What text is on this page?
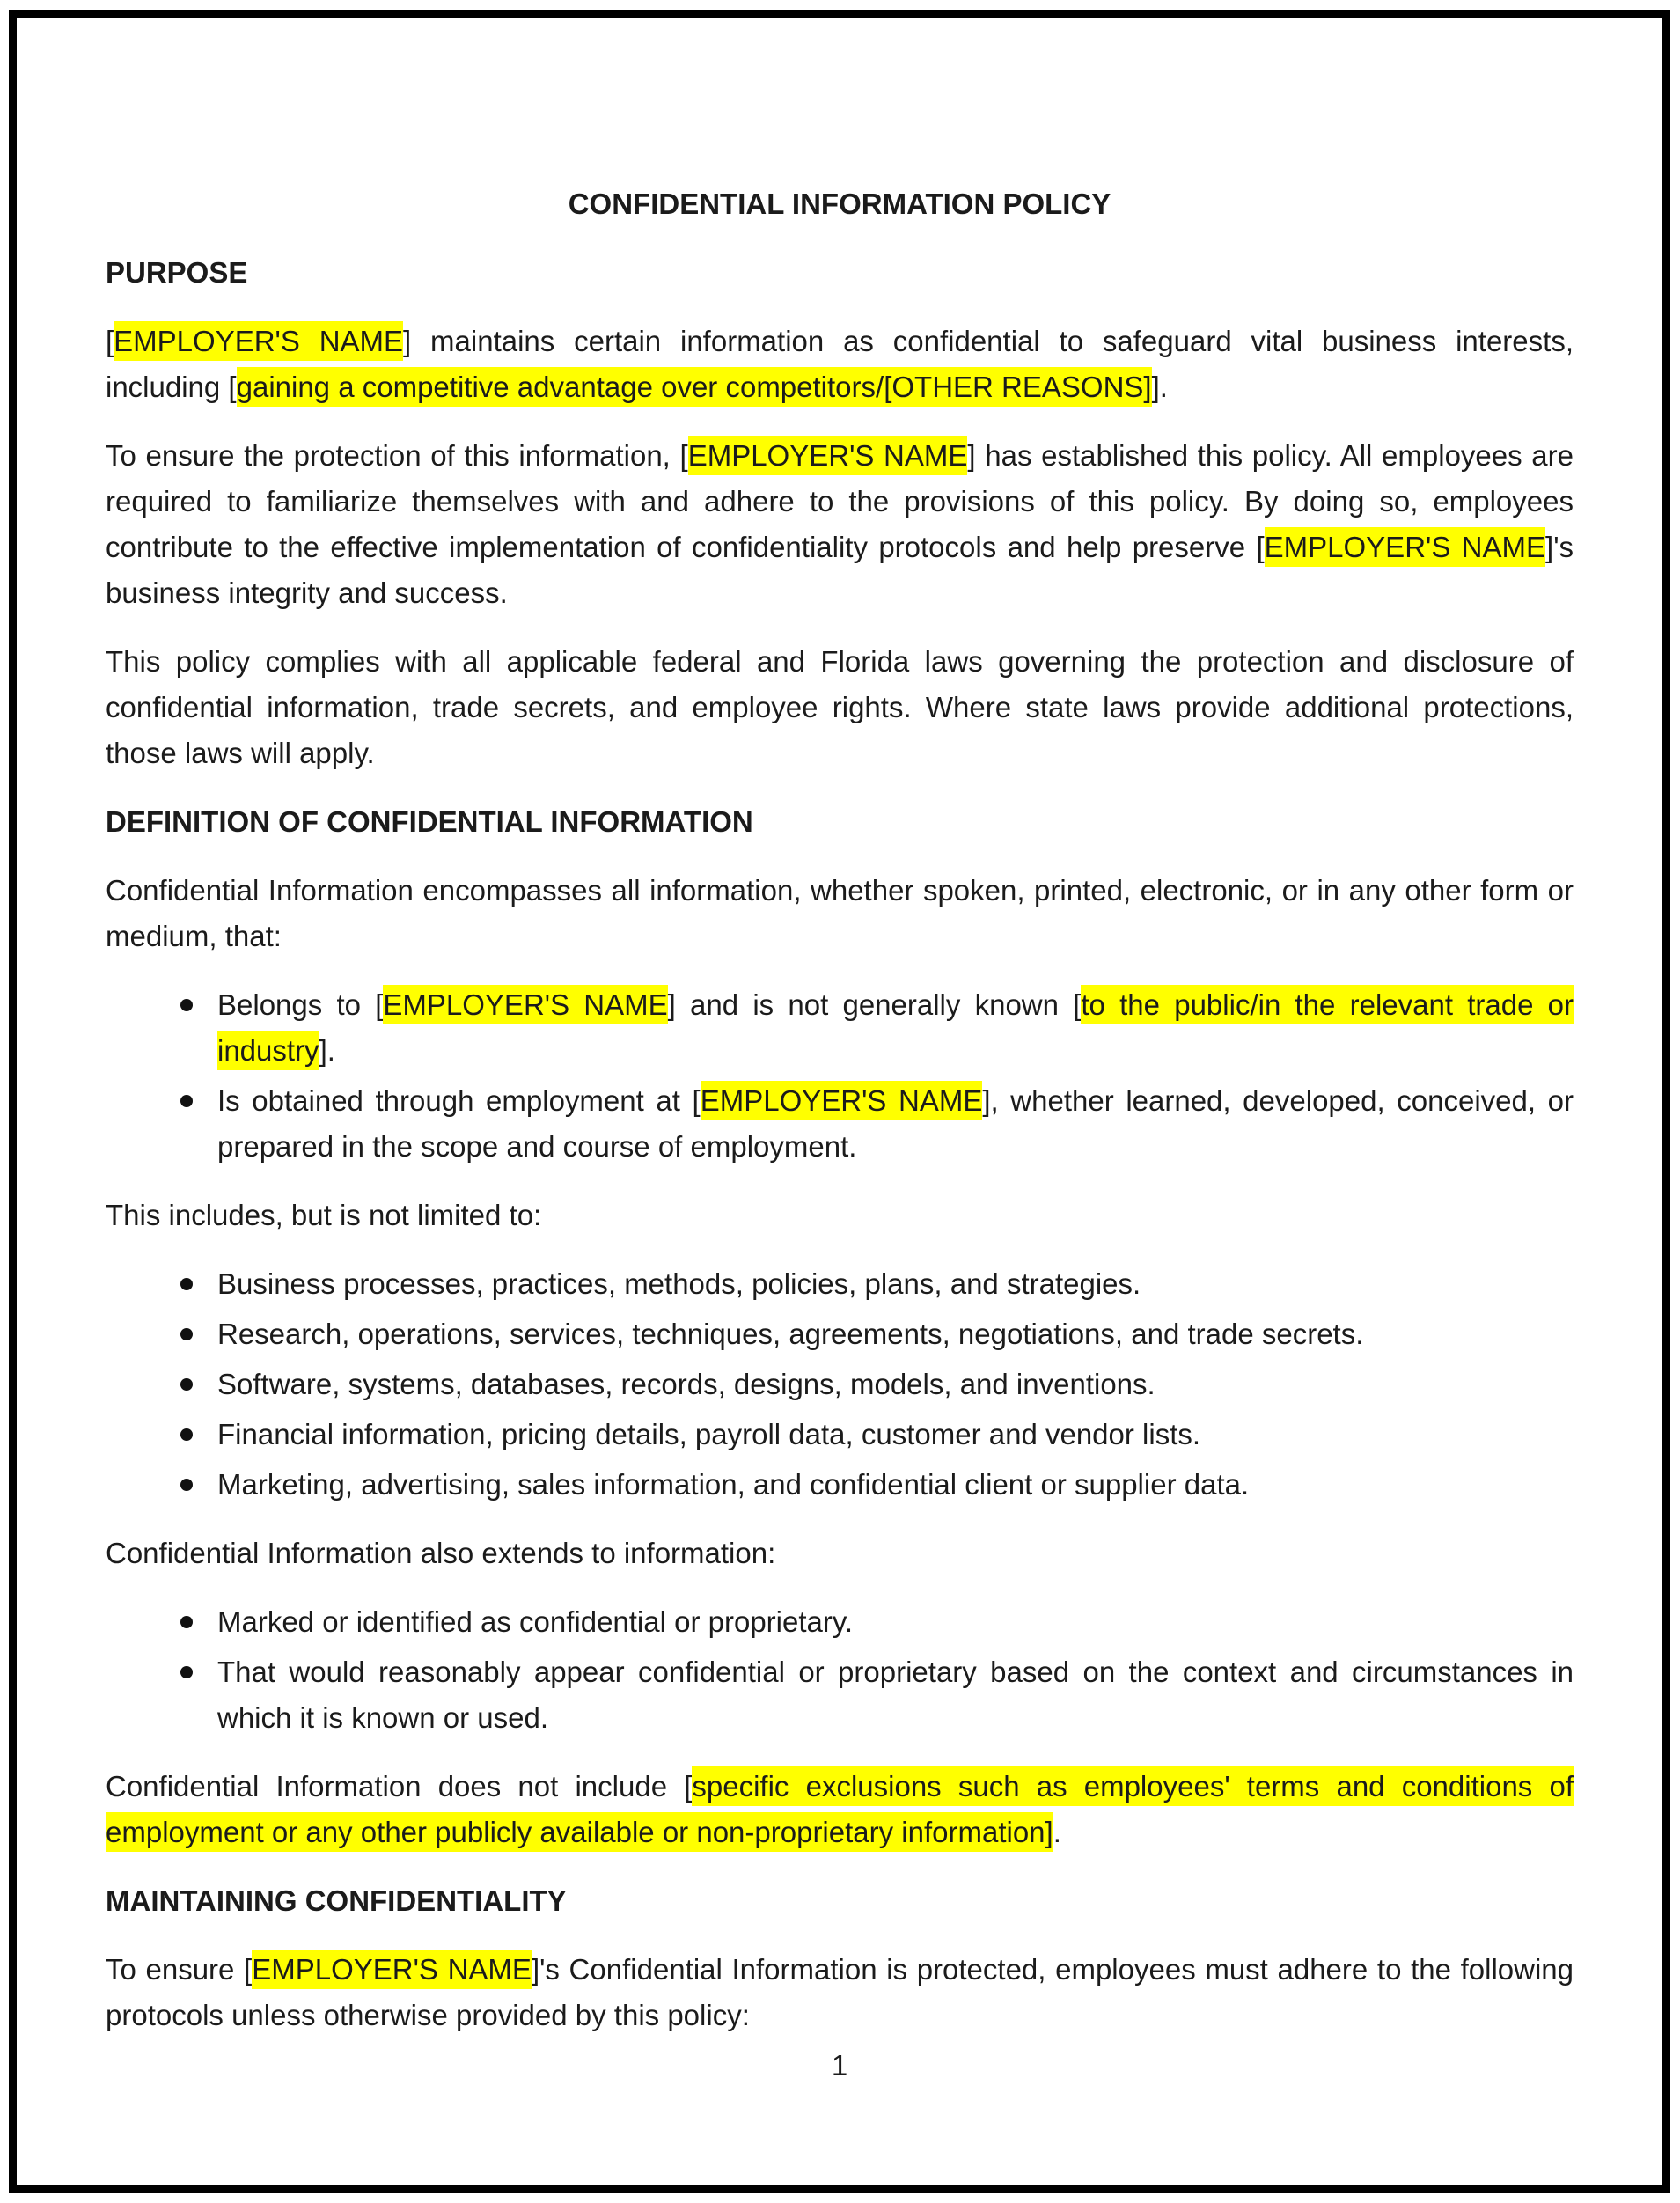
CONFIDENTIAL INFORMATION POLICY
PURPOSE

[EMPLOYER'S NAME] maintains certain information as confidential to safeguard vital business interests, including [gaining a competitive advantage over competitors/[OTHER REASONS]].

To ensure the protection of this information, [EMPLOYER'S NAME] has established this policy. All employees are required to familiarize themselves with and adhere to the provisions of this policy. By doing so, employees contribute to the effective implementation of confidentiality protocols and help preserve [EMPLOYER'S NAME]'s business integrity and success.

This policy complies with all applicable federal and Florida laws governing the protection and disclosure of confidential information, trade secrets, and employee rights. Where state laws provide additional protections, those laws will apply.

DEFINITION OF CONFIDENTIAL INFORMATION

Confidential Information encompasses all information, whether spoken, printed, electronic, or in any other form or medium, that:

Belongs to [EMPLOYER'S NAME] and is not generally known [to the public/in the relevant trade or industry].
Is obtained through employment at [EMPLOYER'S NAME], whether learned, developed, conceived, or prepared in the scope and course of employment.

This includes, but is not limited to:

Business processes, practices, methods, policies, plans, and strategies.
Research, operations, services, techniques, agreements, negotiations, and trade secrets.
Software, systems, databases, records, designs, models, and inventions.
Financial information, pricing details, payroll data, customer and vendor lists.
Marketing, advertising, sales information, and confidential client or supplier data.

Confidential Information also extends to information:

Marked or identified as confidential or proprietary.
That would reasonably appear confidential or proprietary based on the context and circumstances in which it is known or used.

Confidential Information does not include [specific exclusions such as employees' terms and conditions of employment or any other publicly available or non-proprietary information].

MAINTAINING CONFIDENTIALITY

To ensure [EMPLOYER'S NAME]'s Confidential Information is protected, employees must adhere to the following protocols unless otherwise provided by this policy:

1
